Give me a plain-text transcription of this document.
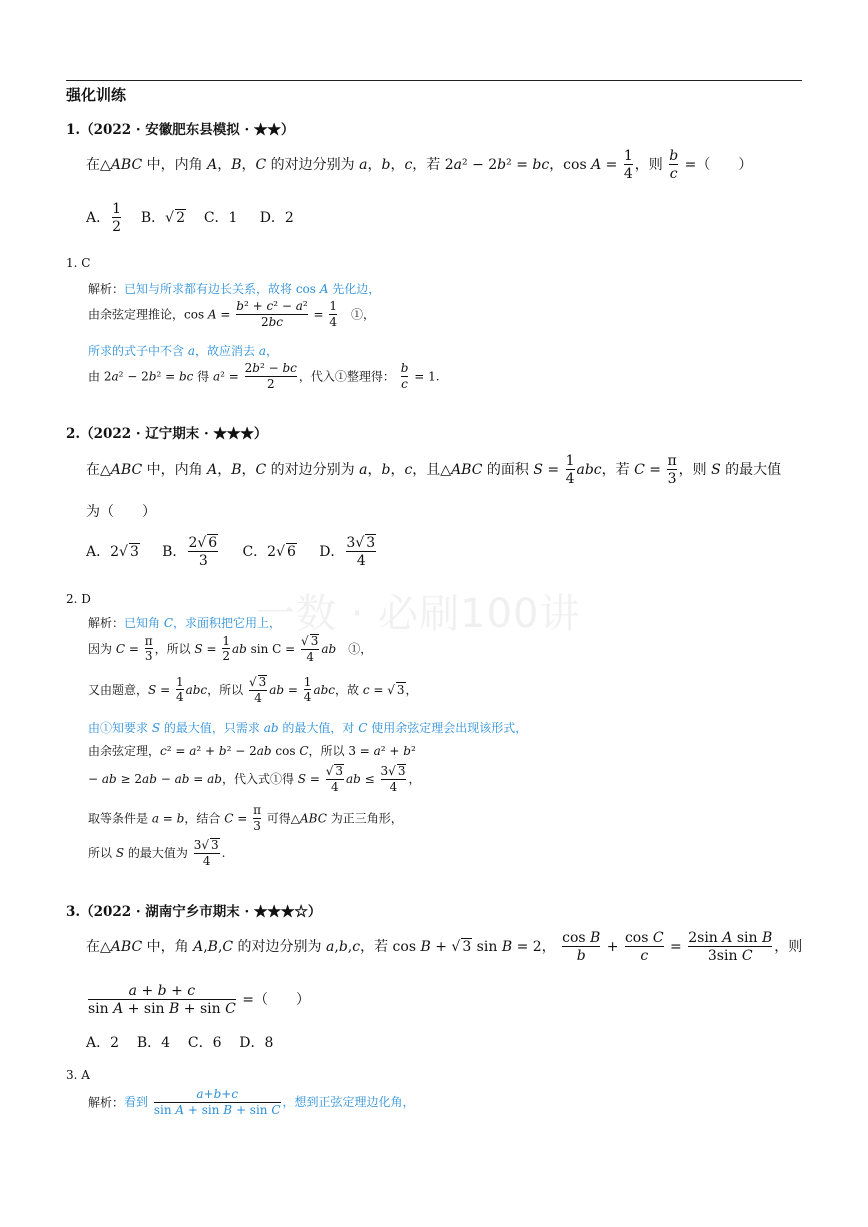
一数 · 必刷100讲
强化训练
1.（2022 · 安徽肥东县模拟 · ★★）
在△ABC 中，内角 A，B，C 的对边分别为 a，b，c，若 2a² − 2b² = bc，$\cos A = \frac{1}{4}$ ，则 $\frac{b}{c}$ =（　　）
A． $\frac{1}{2}$ B．√ 2 C．1 D．2
1. C
解析：已知与所求都有边长关系，故将 cos A 先化边，
由余弦定理推论，$\cos A = \frac{\text{b² + c² − a²}}{2bc} = \frac{1}{4}$ 　①，
所求的式子中不含 a，故应消去 a，
由 2a² − 2b² = bc 得 $a^2 = \frac{\text{2b² − bc}}{2}$ ，代入①整理得： $\frac{b}{c} = 1$.
2.（2022 · 辽宁期末 · ★★★）
在△ABC 中，内角 A，B，C 的对边分别为 a，b，c，且△ABC 的面积 $S = \frac{1}{4}$ abc，若 $C = \frac{\pi}{3}$ ，则 S 的最大值
为（　　）
A．2√ 3 B． $\frac{2√ 6}{3}$ C．2√ 6 D． $\frac{3√ 3}{4}$
2. D
解析：已知角 C，求面积把它用上，
因为 $C = \frac{\pi}{3}$ ，所以 $S = \frac{1}{2}$ ab $\sin C = \frac{√ 3}{4}$ ab　①，
又由题意，$S = \frac{1}{4}$ abc，所以 $\frac{√ 3}{4}$ ab = $\frac{1}{4}$ abc，故 c = √ 3，
由①知要求 S 的最大值，只需求 ab 的最大值，对 C 使用余弦定理会出现该形式，
由余弦定理，c² = a² + b² − 2ab cos C，所以 3 = a² + b²
− ab ≥ 2ab − ab = ab，代入式①得 $S = \frac{√ 3}{4}$ ab ≤ $\frac{3√ 3}{4}$ ，
取等条件是 a = b，结合 $C = \frac{\pi}{3}$ 可得△ABC 为正三角形，
所以 S 的最大值为 $\frac{3√ 3}{4}$ .
3.（2022 · 湖南宁乡市期末 · ★★★☆）
在△ABC 中，角 A,B,C 的对边分别为 a,b,c，若 cos B + √ 3 sin B = 2， $\frac{\text{cos B}}{b} + \frac{\text{cos C}}{c} = \frac{\text{2sin A sin B}}{\text{3sin C}}$ ，则
$\frac{a + b + c}{\text{sin A + sin B + sin C}}$ =（　　）
A．2 B．4 C．6 D．8
3. A
解析：看到 $\frac{a+b+c}{\text{sin A + sin B + sin C}}$ ，想到正弦定理边化角，
